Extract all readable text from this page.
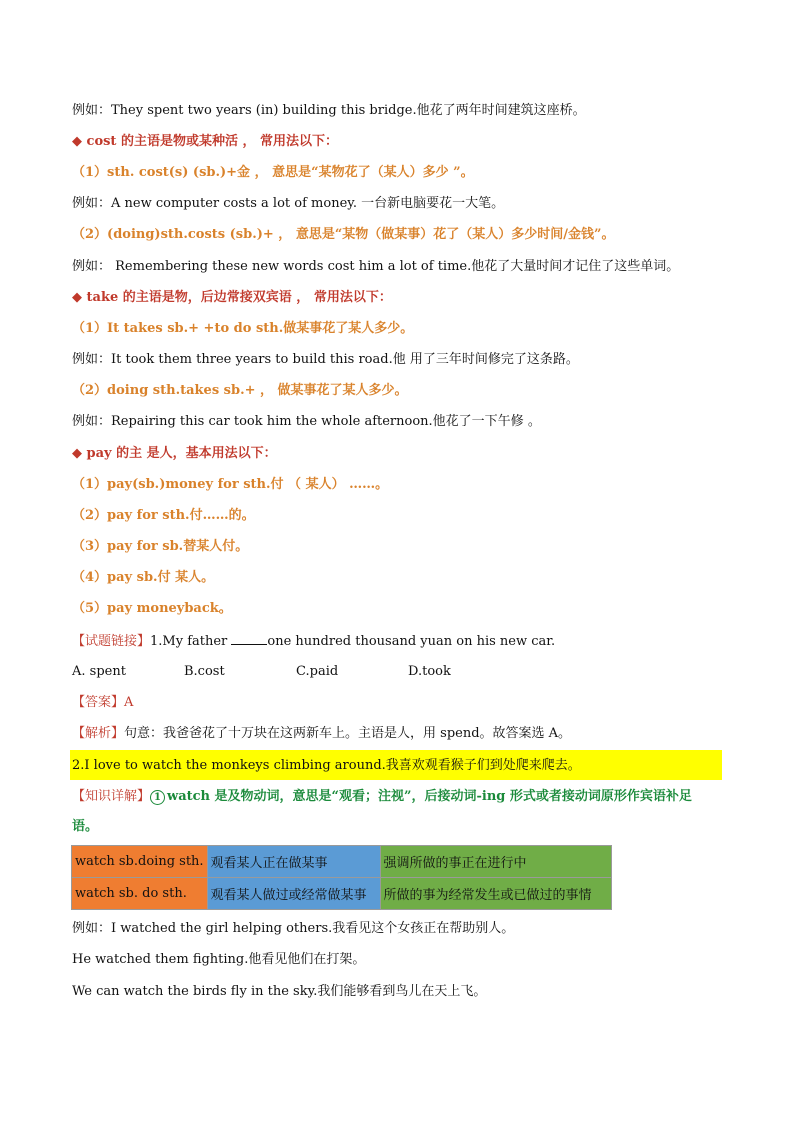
例如：They spent two years (in) building this bridge.他花了两年时间建筑这座桥。
◆ cost 的主语是物或某种活 ， 常用法以下：
（1）sth. cost(s) (sb.)+金 ， 意思是“某物花了（某人）多少 ”。
例如：A new computer costs a lot of money. 一台新电脑要花一大笔。
（2）(doing)sth.costs (sb.)+ ， 意思是“某物（做某事）花了（某人）多少时间/金钱”。
例如： Remembering these new words cost him a lot of time.他花了大量时间才记住了这些单词。
◆ take 的主语是物，后边常接双宾语 ， 常用法以下：
（1）It takes sb.+ +to do sth.做某事花了某人多少。
例如：It took them three years to build this road.他 用了三年时间修完了这条路。
（2）doing sth.takes sb.+ ， 做某事花了某人多少。
例如：Repairing this car took him the whole afternoon.他花了一下午修 。
◆ pay 的主 是人，基本用法以下：
（1）pay(sb.)money for sth.付 （ 某人） ……。
（2）pay for sth.付……的。
（3）pay for sb.替某人付。
（4）pay sb.付 某人。
（5）pay moneyback。
【试题链接】1.My father	one hundred thousand yuan on his new car.
A. spent	B.cost	C.paid	D.took
【答案】A
【解析】句意：我爸爸花了十万块在这两新车上。主语是人，用 spend。故答案选 A。
2.I love to watch the monkeys climbing around.我喜欢观看猴子们到处爬来爬去。
【知识详解】 1 watch 是及物动词，意思是“观看；注视”，后接动词-ing 形式或者接动词原形作宾语补足
语。
watch sb.doing sth.	观看某人正在做某事	强调所做的事正在进行中
watch sb. do sth.	观看某人做过或经常做某事	所做的事为经常发生或已做过的事情
例如：I watched the girl helping others.我看见这个女孩正在帮助别人。
He watched them fighting.他看见他们在打架。
We can watch the birds fly in the sky.我们能够看到鸟儿在天上飞。
